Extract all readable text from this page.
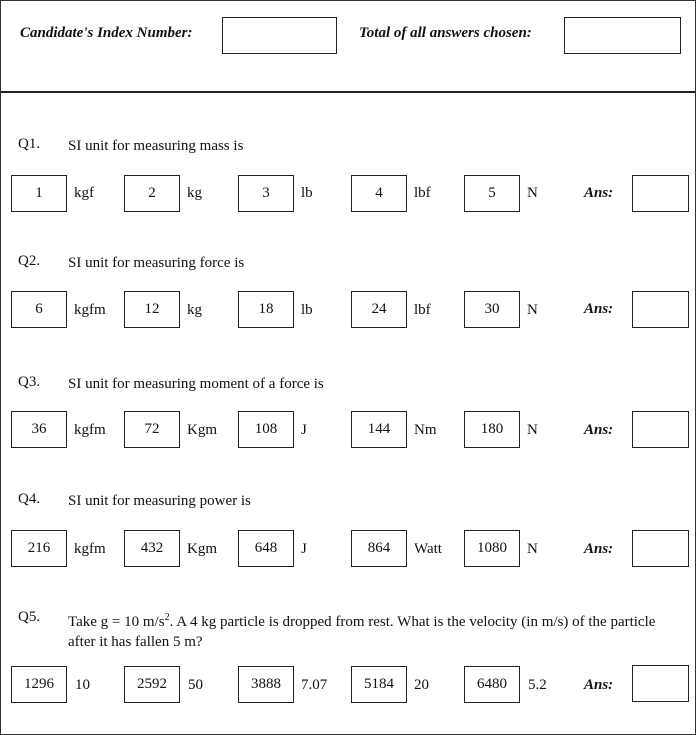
Candidate's Index Number:	Total of all answers chosen:
Q1. SI unit for measuring mass is
1	kgf	2	kg	3	lb	4	lbf	5	N	Ans:
Q2. SI unit for measuring force is
6	kgfm	12	kg	18	lb	24	lbf	30	N	Ans:
Q3. SI unit for measuring moment of a force is
36	kgfm	72	Kgm	108	J	144	Nm	180	N	Ans:
Q4. SI unit for measuring power is
216	kgfm	432	Kgm	648	J	864	Watt	1080	N	Ans:
Q5. Take g = 10 $m/s^2$. A 4 kg particle is dropped from rest. What is the velocity (in m/s) of the particle after it has fallen 5 m?
1296	10	2592	50	3888	7.07	5184	20	6480	5.2 Ans:
